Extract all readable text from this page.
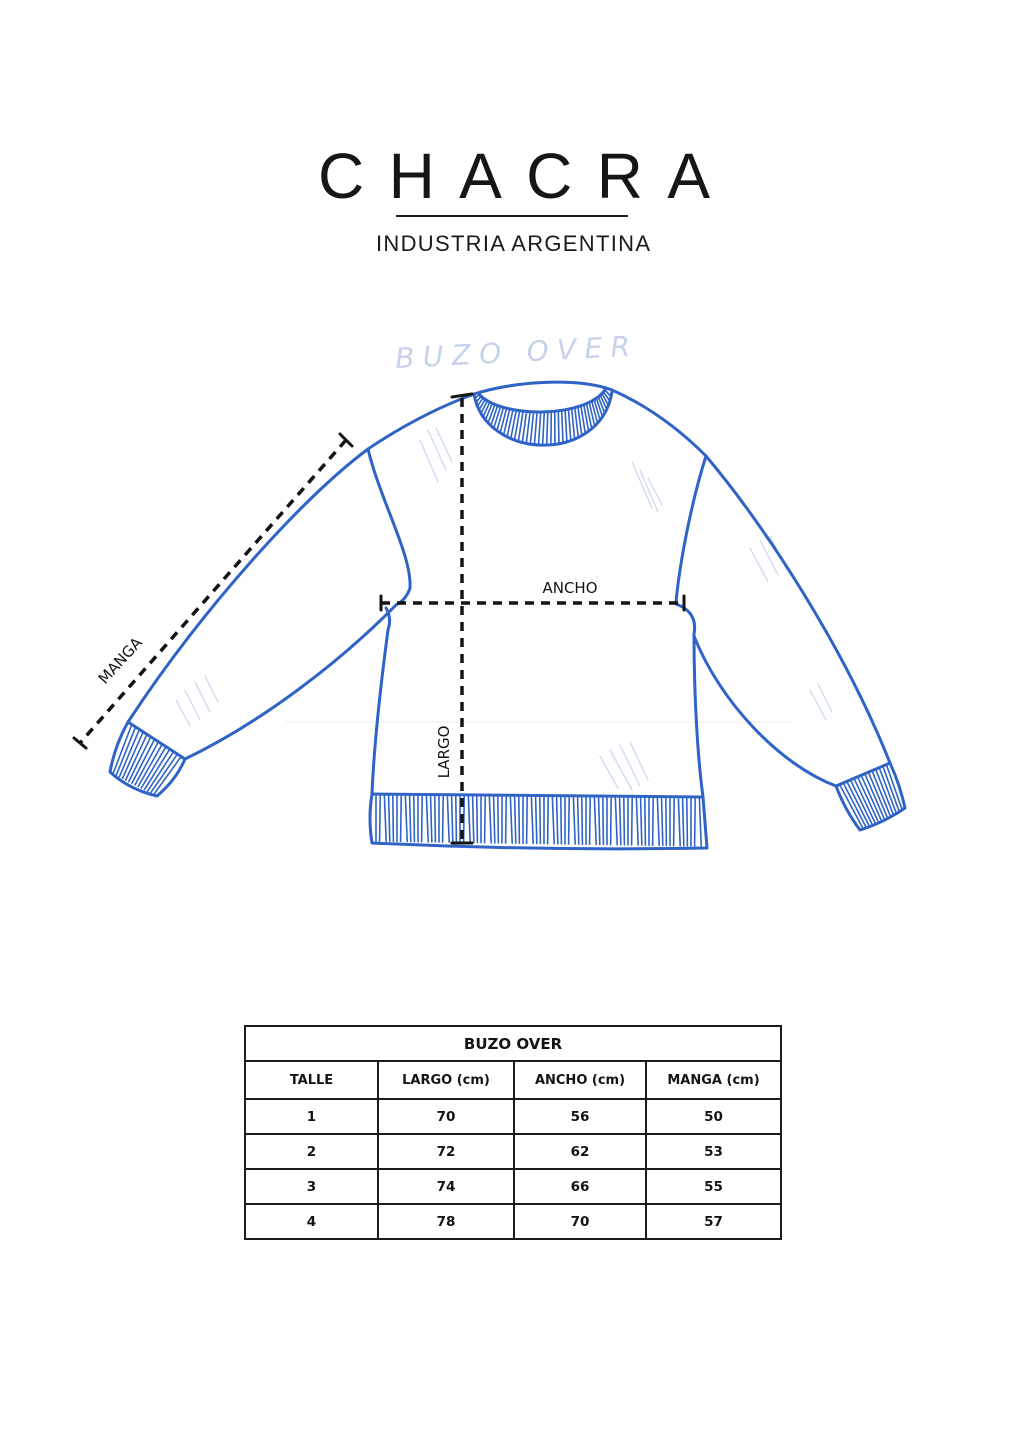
CHACRA
INDUSTRIA ARGENTINA
BUZO OVER
LARGO
ANCHO
MANGA
BUZO OVER			
TALLE	LARGO (cm)	ANCHO (cm)	MANGA (cm)
1	70	56	50
2	72	62	53
3	74	66	55
4	78	70	57
